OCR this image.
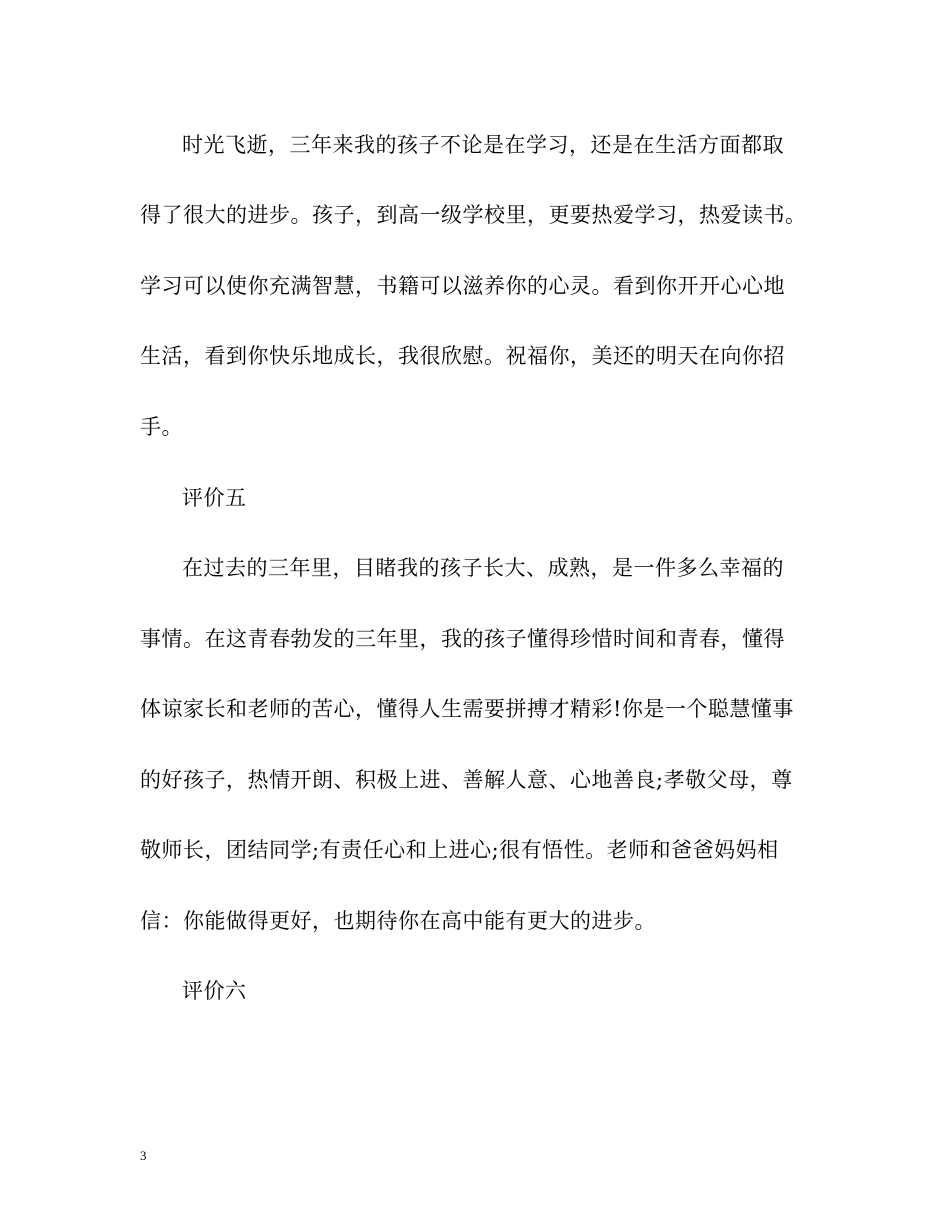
时光飞逝，三年来我的孩子不论是在学习，还是在生活方面都取
得了很大的进步。孩子，到高一级学校里，更要热爱学习，热爱读书。
学习可以使你充满智慧，书籍可以滋养你的心灵。看到你开开心心地
生活，看到你快乐地成长，我很欣慰。祝福你，美还的明天在向你招
手。
评价五
在过去的三年里，目睹我的孩子长大、成熟，是一件多么幸福的
事情。在这青春勃发的三年里，我的孩子懂得珍惜时间和青春，懂得
体谅家长和老师的苦心，懂得人生需要拼搏才精彩!你是一个聪慧懂事
的好孩子，热情开朗、积极上进、善解人意、心地善良;孝敬父母，尊
敬师长，团结同学;有责任心和上进心;很有悟性。老师和爸爸妈妈相
信：你能做得更好，也期待你在高中能有更大的进步。
评价六
3
